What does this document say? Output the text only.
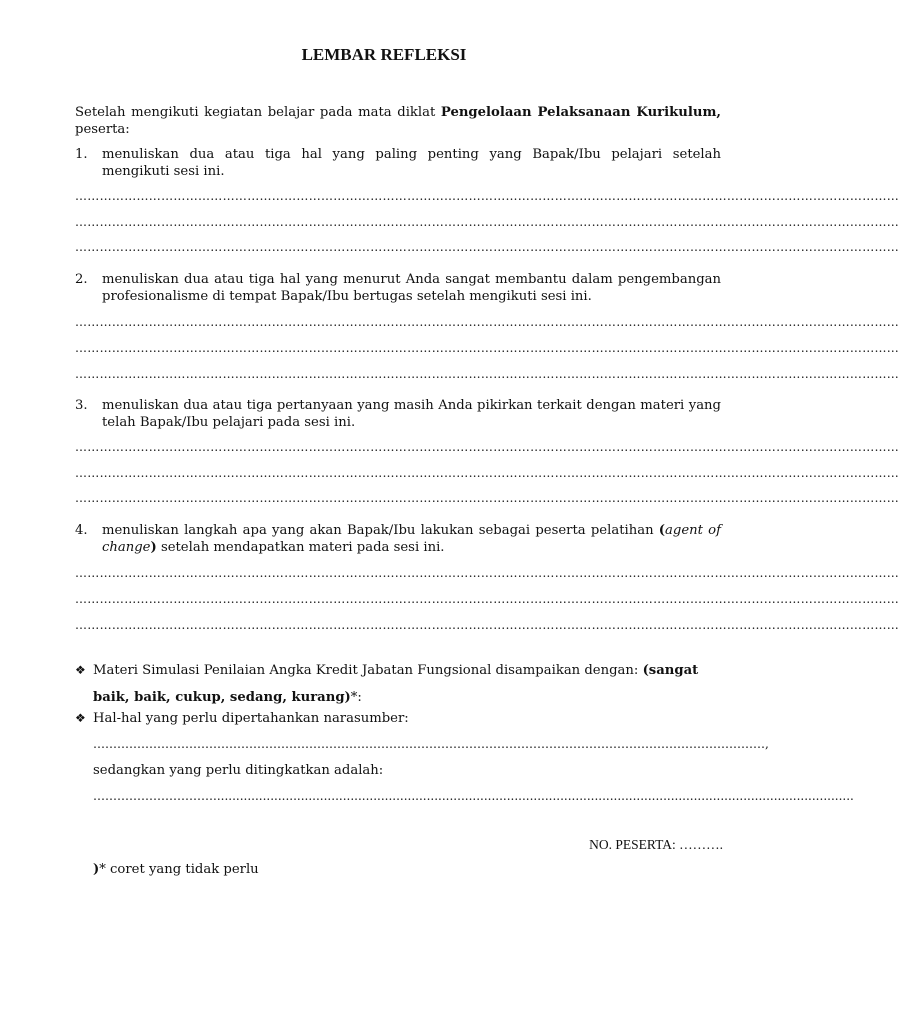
LEMBAR REFLEKSI
Setelah mengikuti kegiatan belajar pada mata diklat Pengelolaan Pelaksanaan Kurikulum, peserta:
1. menuliskan dua atau tiga hal yang paling penting yang Bapak/Ibu pelajari setelah mengikuti sesi ini.
…………………………………………………………………………………………………………………………………………………………………………………
…………………………………………………………………………………………………………………………………………………………………………………
…………………………………………………………………………………………………………………………………………………………………………………
2. menuliskan dua atau tiga hal yang menurut Anda sangat membantu dalam pengembangan profesionalisme di tempat Bapak/Ibu bertugas setelah mengikuti sesi ini.
…………………………………………………………………………………………………………………………………………………………………………………
…………………………………………………………………………………………………………………………………………………………………………………
…………………………………………………………………………………………………………………………………………………………………………………
3. menuliskan dua atau tiga pertanyaan yang masih Anda pikirkan terkait dengan materi yang telah Bapak/Ibu pelajari pada sesi ini.
…………………………………………………………………………………………………………………………………………………………………………………
…………………………………………………………………………………………………………………………………………………………………………………
…………………………………………………………………………………………………………………………………………………………………………………
4. menuliskan langkah apa yang akan Bapak/Ibu lakukan sebagai peserta pelatihan (agent of change) setelah mendapatkan materi pada sesi ini.
…………………………………………………………………………………………………………………………………………………………………………………
…………………………………………………………………………………………………………………………………………………………………………………
…………………………………………………………………………………………………………………………………………………………………………………
❖ Materi Simulasi Penilaian Angka Kredit Jabatan Fungsional disampaikan dengan: (sangat baik, baik, cukup, sedang, kurang)*:
❖ Hal-hal yang perlu dipertahankan narasumber:
……………………………………………………………………………………………………………………………………………………,
sedangkan yang perlu ditingkatkan adalah:
…………………………........................................................................................................................................................................
NO. PESERTA: ……….
)* coret yang tidak perlu
